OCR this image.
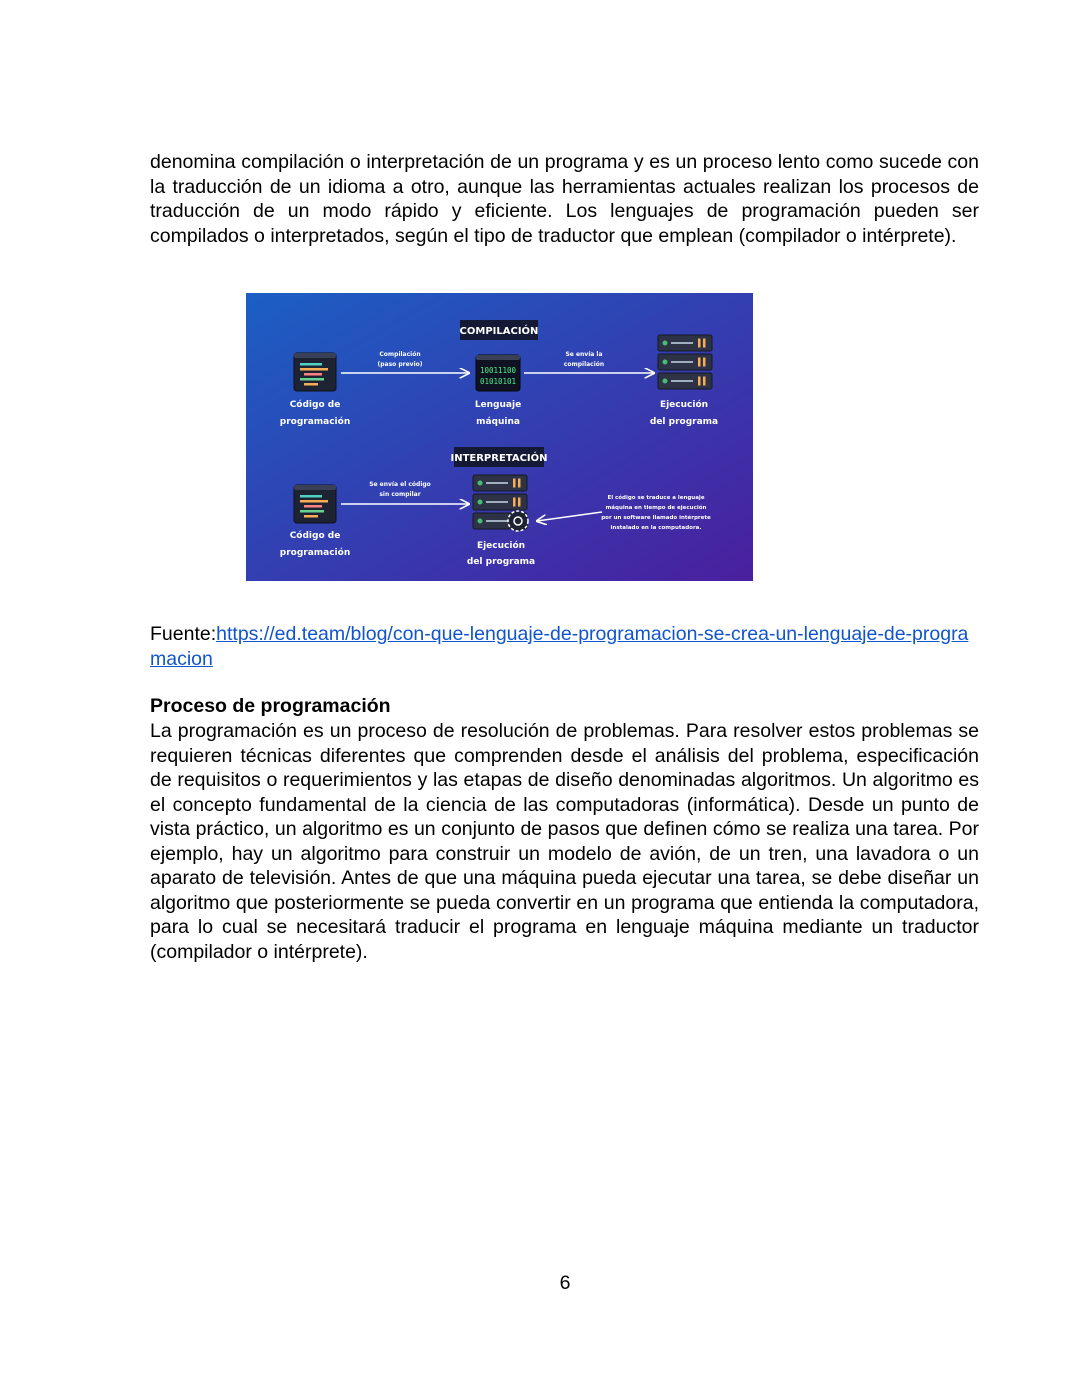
denomina compilación o interpretación de un programa y es un proceso lento como sucede con la traducción de un idioma a otro, aunque las herramientas actuales realizan los procesos de traducción de un modo rápido y eficiente. Los lenguajes de programación pueden ser compilados o interpretados, según el tipo de traductor que emplean (compilador o intérprete).

COMPILACIÓN
Código de
programación
Compilación
(paso previo)
10011100
01010101
Lenguaje
máquina
Se envía la
compilación
Ejecución
del programa
INTERPRETACIÓN
Código de
programación
Se envía el código
sin compilar
Ejecución
del programa
El código se traduce a lenguaje
máquina en tiempo de ejecución
por un software llamado intérprete
instalado en la computadora.

Fuente:https://ed.team/blog/con-que-lenguaje-de-programacion-se-crea-un-lenguaje-de-programacion

Proceso de programación

La programación es un proceso de resolución de problemas. Para resolver estos problemas se requieren técnicas diferentes que comprenden desde el análisis del problema, especificación de requisitos o requerimientos y las etapas de diseño denominadas algoritmos. Un algoritmo es el concepto fundamental de la ciencia de las computadoras (informática). Desde un punto de vista práctico, un algoritmo es un conjunto de pasos que definen cómo se realiza una tarea. Por ejemplo, hay un algoritmo para construir un modelo de avión, de un tren, una lavadora o un aparato de televisión. Antes de que una máquina pueda ejecutar una tarea, se debe diseñar un algoritmo que posteriormente se pueda convertir en un programa que entienda la computadora, para lo cual se necesitará traducir el programa en lenguaje máquina mediante un traductor (compilador o intérprete).

6
